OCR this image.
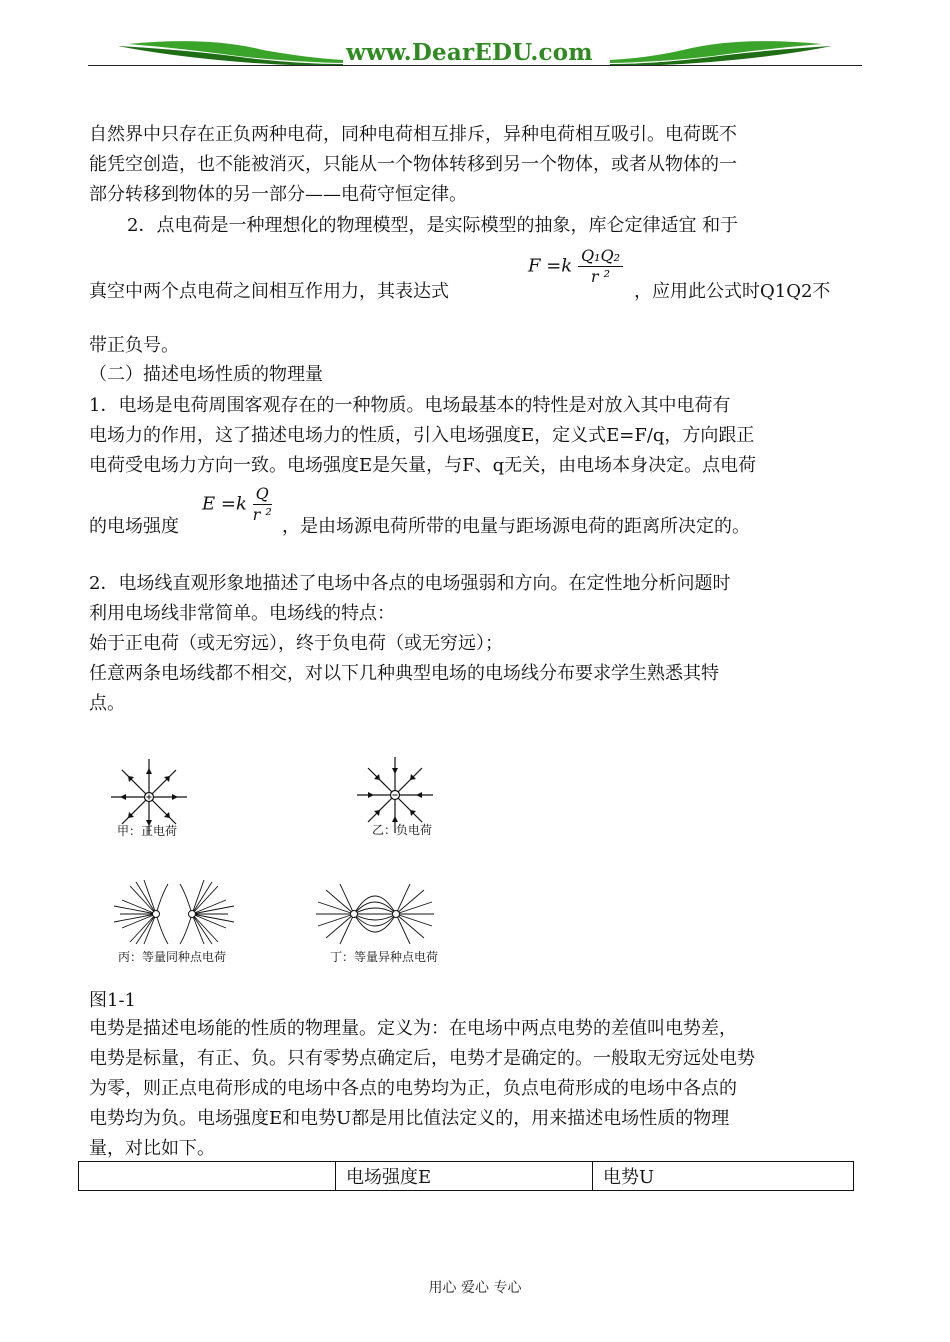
www.DearEDU.com
自然界中只存在正负两种电荷，同种电荷相互排斥，异种电荷相互吸引。电荷既不
能凭空创造，也不能被消灭，只能从一个物体转移到另一个物体，或者从物体的一
部分转移到物体的另一部分——电荷守恒定律。
2．点电荷是一种理想化的物理模型，是实际模型的抽象，库仑定律适宜 和于
真空中两个点电荷之间相互作用力，其表达式
$F =k \frac{\text{Q₁Q₂}}{\text{r ²}}$
，应用此公式时Q1Q2不
带正负号。
（二）描述电场性质的物理量
1．电场是电荷周围客观存在的一种物质。电场最基本的特性是对放入其中电荷有
电场力的作用，这了描述电场力的性质，引入电场强度E，定义式E=F/q，方向跟正
电荷受电场力方向一致。电场强度E是矢量，与F、q无关，由电场本身决定。点电荷
的电场强度
$E =k \frac{Q}{\text{r ²}}$
，是由场源电荷所带的电量与距场源电荷的距离所决定的。
2．电场线直观形象地描述了电场中各点的电场强弱和方向。在定性地分析问题时
利用电场线非常简单。电场线的特点：
始于正电荷（或无穷远），终于负电荷（或无穷远）；
任意两条电场线都不相交，对以下几种典型电场的电场线分布要求学生熟悉其特
点。
甲：正电荷	乙：负电荷
丙：等量同种点电荷	丁：等量异种点电荷
图1-1
电势是描述电场能的性质的物理量。定义为：在电场中两点电势的差值叫电势差，
电势是标量，有正、负。只有零势点确定后，电势才是确定的。一般取无穷远处电势
为零，则正点电荷形成的电场中各点的电势均为正，负点电荷形成的电场中各点的
电势均为负。电场强度E和电势U都是用比值法定义的，用来描述电场性质的物理
量，对比如下。
	电场强度E	电势U
用心 爱心 专心
